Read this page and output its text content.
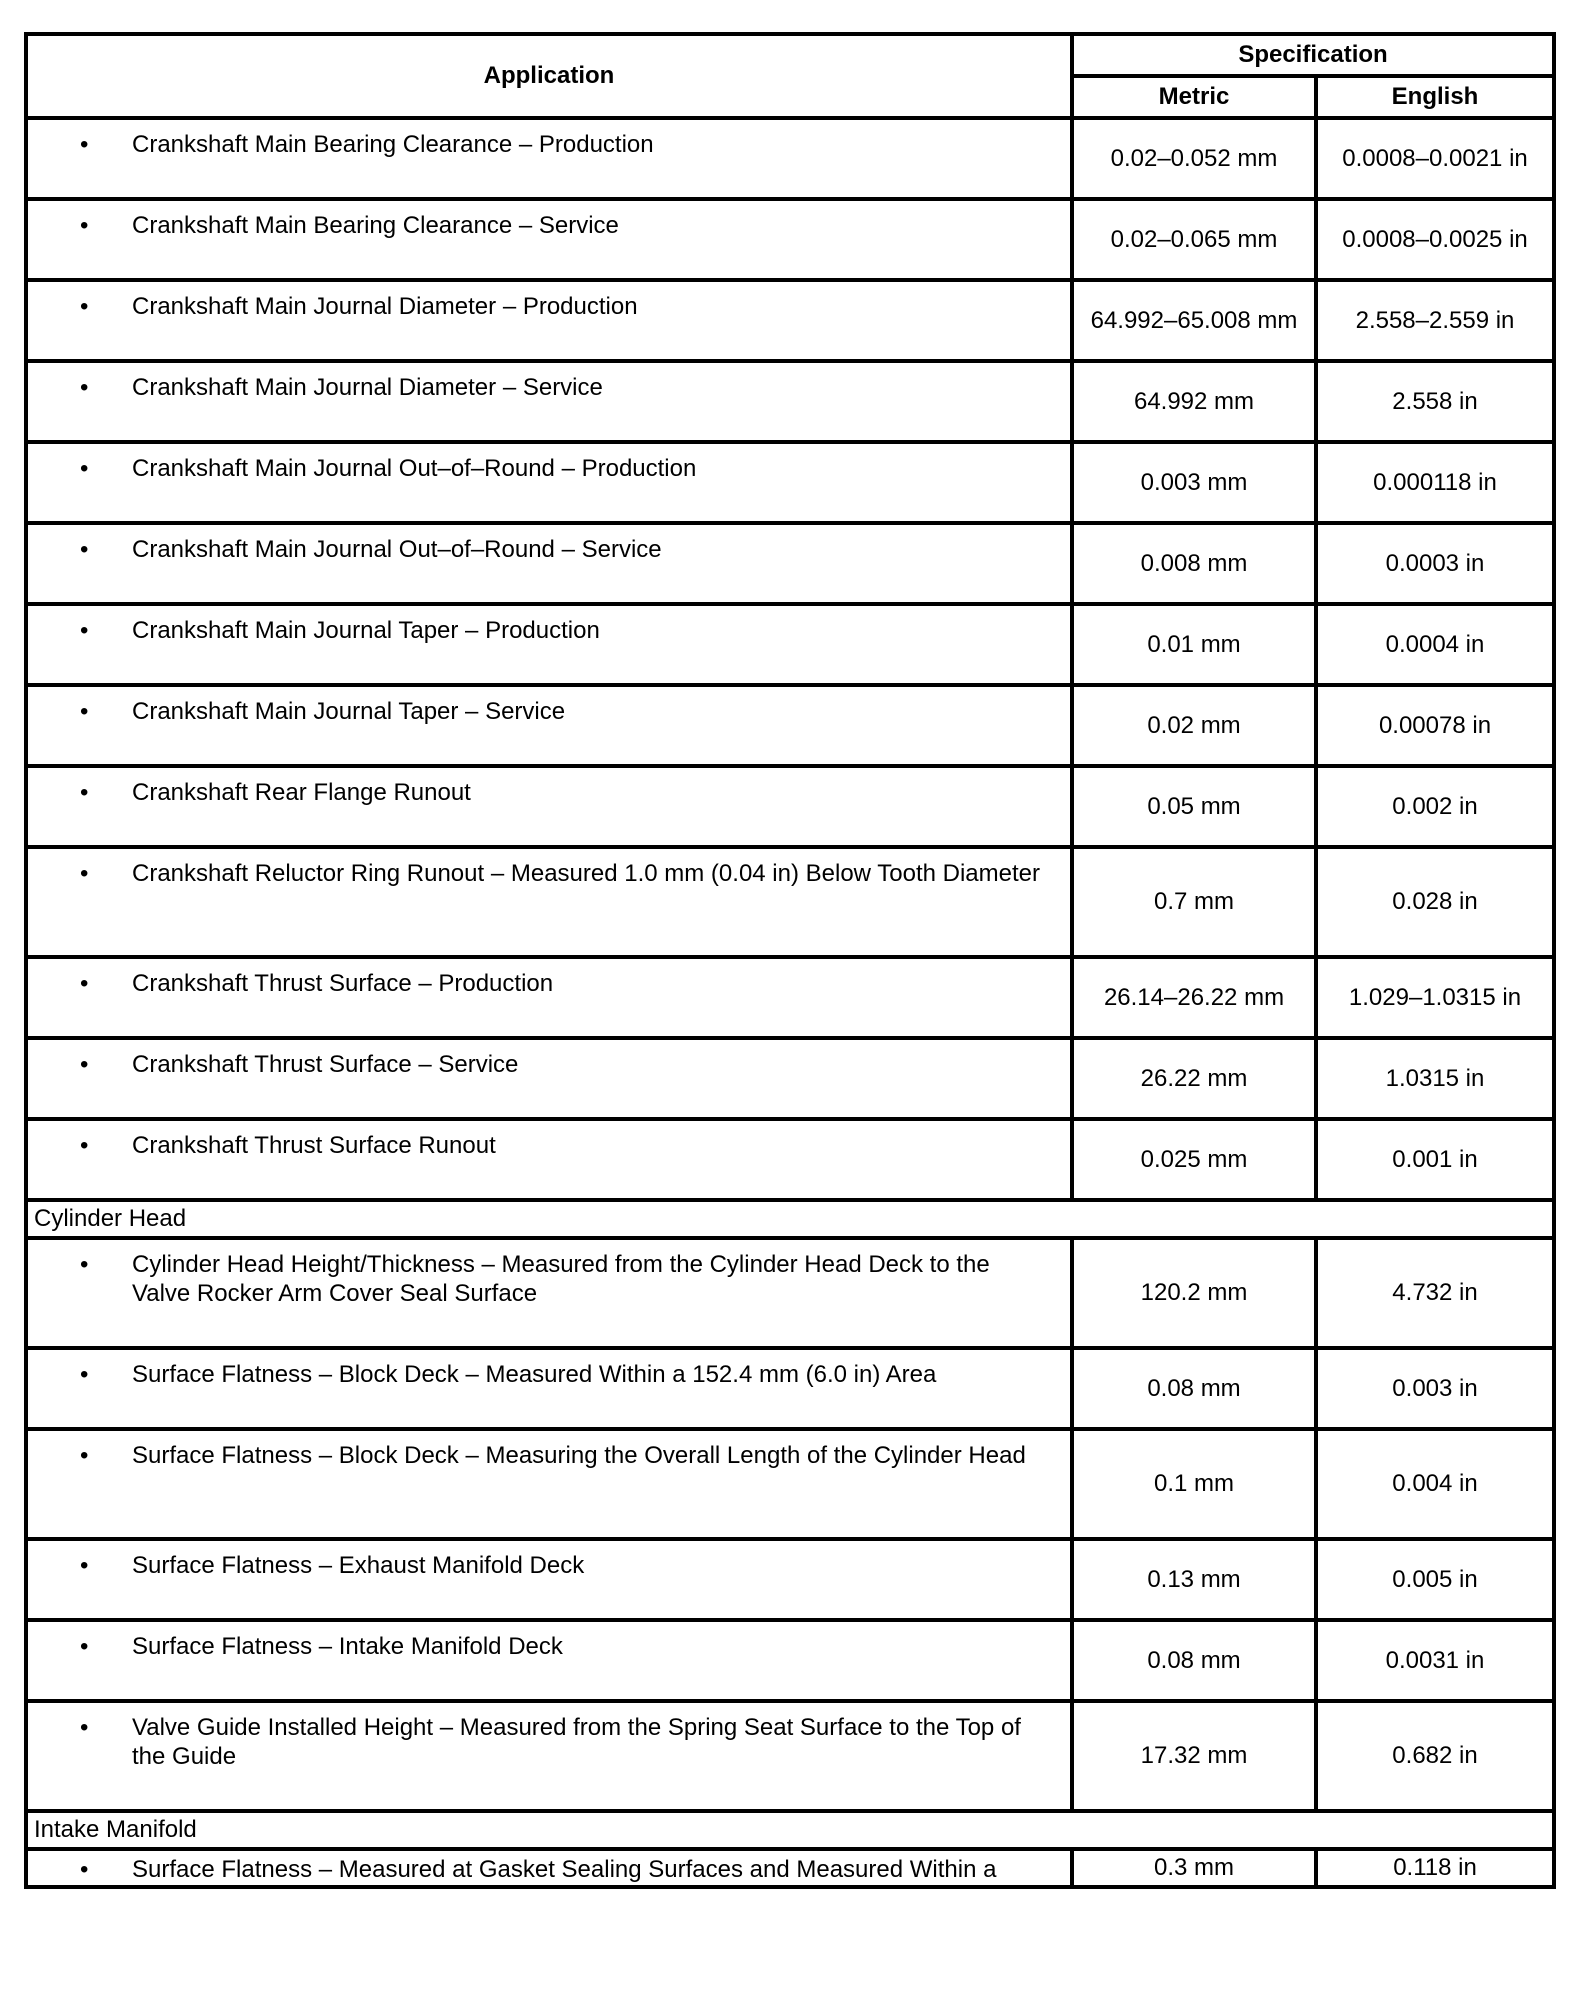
Application	Specification	
	Metric	English

• Crankshaft Main Bearing Clearance – Production	0.02–0.052 mm	0.0008–0.0021 in

• Crankshaft Main Bearing Clearance – Service	0.02–0.065 mm	0.0008–0.0025 in

• Crankshaft Main Journal Diameter – Production	64.992–65.008 mm	2.558–2.559 in

• Crankshaft Main Journal Diameter – Service	64.992 mm	2.558 in

• Crankshaft Main Journal Out–of–Round – Production	0.003 mm	0.000118 in

• Crankshaft Main Journal Out–of–Round – Service	0.008 mm	0.0003 in

• Crankshaft Main Journal Taper – Production	0.01 mm	0.0004 in

• Crankshaft Main Journal Taper – Service	0.02 mm	0.00078 in

• Crankshaft Rear Flange Runout	0.05 mm	0.002 in

• Crankshaft Reluctor Ring Runout – Measured 1.0 mm (0.04 in) Below Tooth Diameter	0.7 mm	0.028 in

• Crankshaft Thrust Surface – Production	26.14–26.22 mm	1.029–1.0315 in

• Crankshaft Thrust Surface – Service	26.22 mm	1.0315 in

• Crankshaft Thrust Surface Runout	0.025 mm	0.001 in
Cylinder Head		

• Cylinder Head Height/Thickness – Measured from the Cylinder Head Deck to the Valve Rocker Arm Cover Seal Surface	120.2 mm	4.732 in

• Surface Flatness – Block Deck – Measured Within a 152.4 mm (6.0 in) Area	0.08 mm	0.003 in

• Surface Flatness – Block Deck – Measuring the Overall Length of the Cylinder Head	0.1 mm	0.004 in

• Surface Flatness – Exhaust Manifold Deck	0.13 mm	0.005 in

• Surface Flatness – Intake Manifold Deck	0.08 mm	0.0031 in

• Valve Guide Installed Height – Measured from the Spring Seat Surface to the Top of the Guide	17.32 mm	0.682 in
Intake Manifold		

• Surface Flatness – Measured at Gasket Sealing Surfaces and Measured Within a	0.3 mm	0.118 in
